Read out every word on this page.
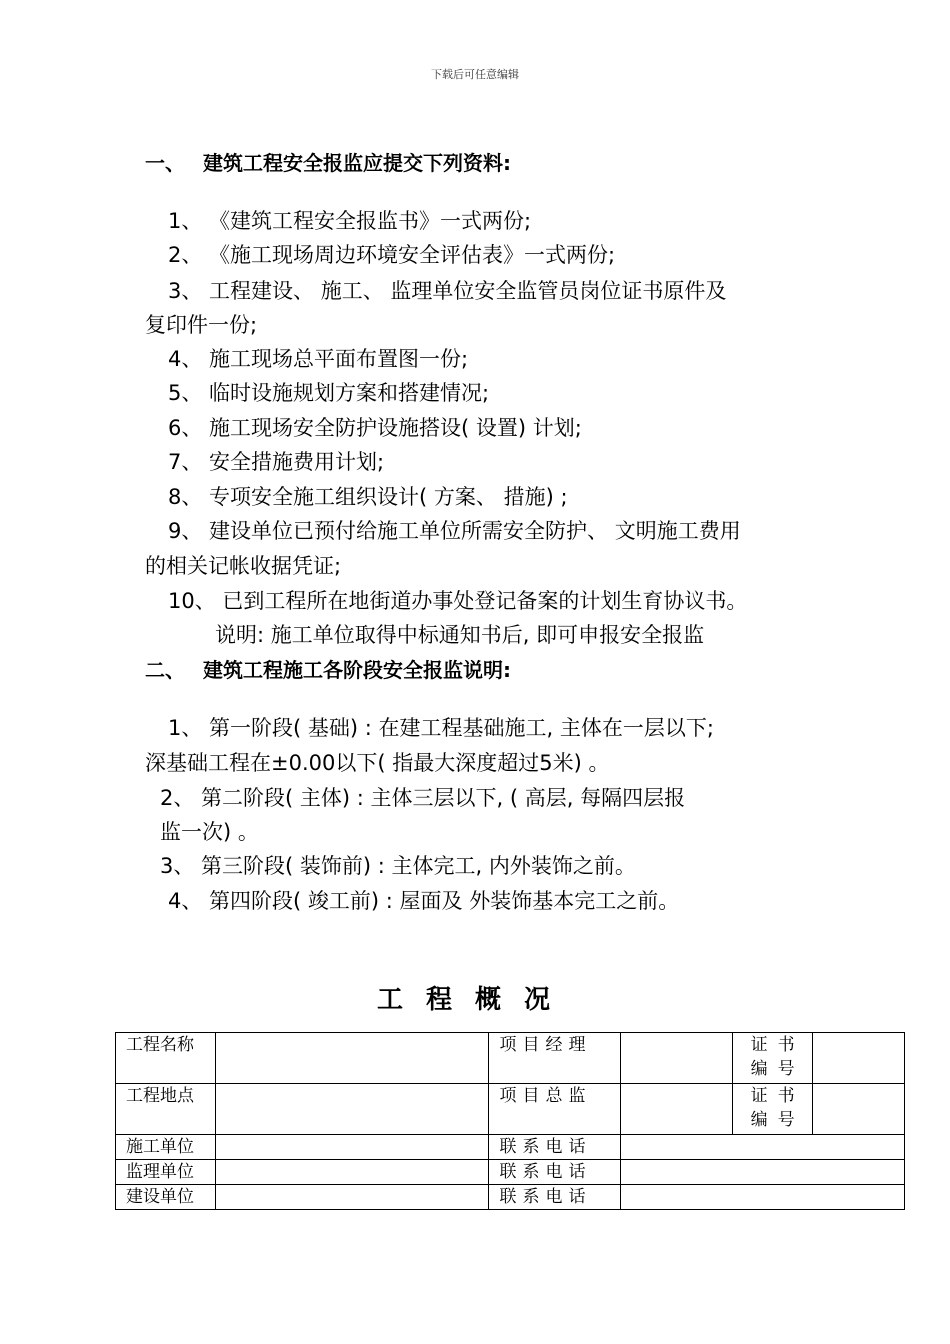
下载后可任意编辑
一、 建筑工程安全报监应提交下列资料:
1、 《建筑工程安全报监书》一式两份;
2、 《施工现场周边环境安全评估表》一式两份;
3、 工程建设、 施工、 监理单位安全监管员岗位证书原件及
复印件一份;
4、 施工现场总平面布置图一份;
5、 临时设施规划方案和搭建情况;
6、 施工现场安全防护设施搭设( 设置) 计划;
7、 安全措施费用计划;
8、 专项安全施工组织设计( 方案、 措施) ;
9、 建设单位已预付给施工单位所需安全防护、 文明施工费用
的相关记帐收据凭证;
10、 已到工程所在地街道办事处登记备案的计划生育协议书。
说明: 施工单位取得中标通知书后, 即可申报安全报监
二、 建筑工程施工各阶段安全报监说明:
1、 第一阶段( 基础) : 在建工程基础施工, 主体在一层以下;
深基础工程在±0.00以下( 指最大深度超过5米) 。
2、 第二阶段( 主体) : 主体三层以下, ( 高层, 每隔四层报
监一次) 。
3、 第三阶段( 装饰前) : 主体完工, 内外装饰之前。
4、 第四阶段( 竣工前) : 屋面及 外装饰基本完工之前。
工程概况
工程名称		项目经理		证书
编号	

工程地点		项目总监		证书
编号	

施工单位		联系电话			
监理单位		联系电话			
建设单位		联系电话			
